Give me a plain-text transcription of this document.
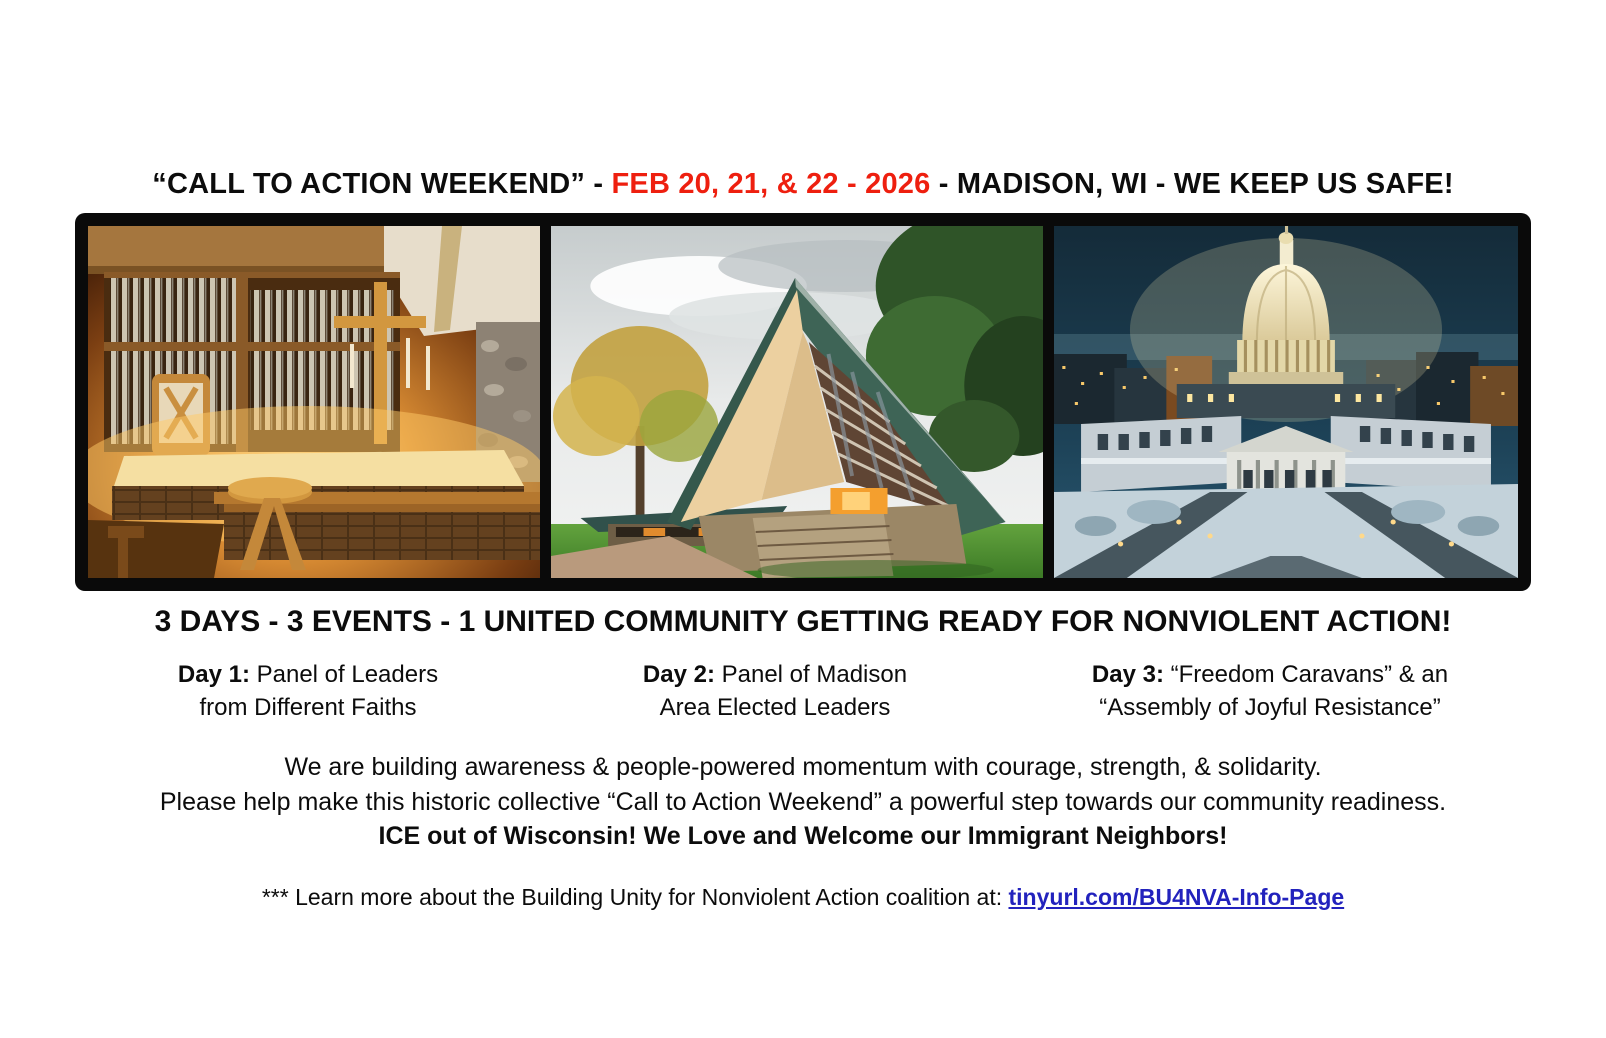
“CALL TO ACTION WEEKEND” - FEB 20, 21, & 22 - 2026 - MADISON, WI - WE KEEP US SAFE!
3 DAYS - 3 EVENTS - 1 UNITED COMMUNITY GETTING READY FOR NONVIOLENT ACTION!
Day 1: Panel of Leaders
from Different Faiths
Day 2: Panel of Madison
Area Elected Leaders
Day 3: “Freedom Caravans” & an
“Assembly of Joyful Resistance”
We are building awareness & people-powered momentum with courage, strength, & solidarity.
Please help make this historic collective “Call to Action Weekend” a powerful step towards our community readiness.
ICE out of Wisconsin! We Love and Welcome our Immigrant Neighbors!
*** Learn more about the Building Unity for Nonviolent Action coalition at: tinyurl.com/BU4NVA-Info-Page
